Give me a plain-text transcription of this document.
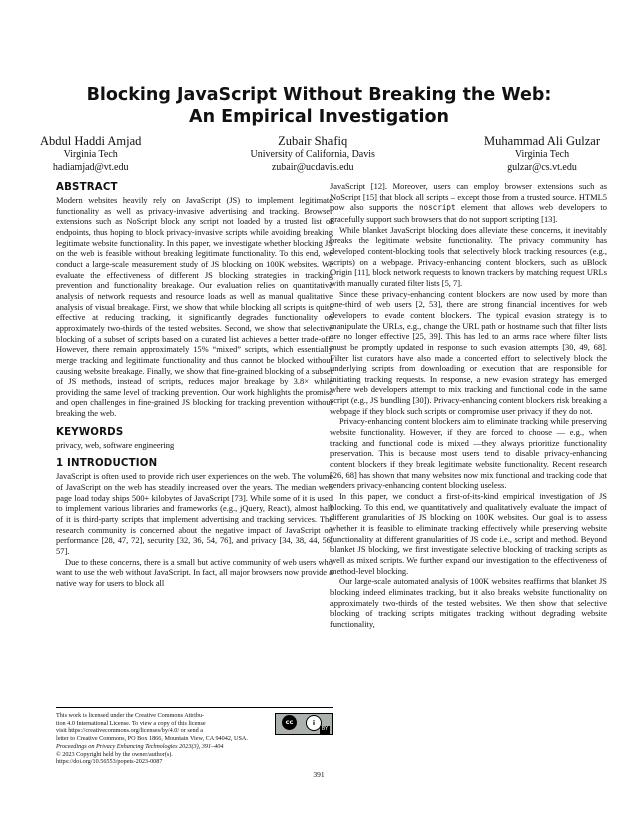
Blocking JavaScript Without Breaking the Web:
An Empirical Investigation
Abdul Haddi Amjad
Virginia Tech
hadiamjad@vt.edu
Zubair Shafiq
University of California, Davis
zubair@ucdavis.edu
Muhammad Ali Gulzar
Virginia Tech
gulzar@cs.vt.edu
ABSTRACT

Modern websites heavily rely on JavaScript (JS) to implement legitimate functionality as well as privacy-invasive advertising and tracking. Browser extensions such as NoScript block any script not loaded by a trusted list of endpoints, thus hoping to block privacy-invasive scripts while avoiding breaking legitimate website functionality. In this paper, we investigate whether blocking JS on the web is feasible without breaking legitimate functionality. To this end, we conduct a large-scale measurement study of JS blocking on 100K websites. We evaluate the effectiveness of different JS blocking strategies in tracking prevention and functionality breakage. Our evaluation relies on quantitative analysis of network requests and resource loads as well as manual qualitative analysis of visual breakage. First, we show that while blocking all scripts is quite effective at reducing tracking, it significantly degrades functionality on approximately two-thirds of the tested websites. Second, we show that selective blocking of a subset of scripts based on a curated list achieves a better trade-off. However, there remain approximately 15% “mixed” scripts, which essentially merge tracking and legitimate functionality and thus cannot be blocked without causing website breakage. Finally, we show that fine-grained blocking of a subset of JS methods, instead of scripts, reduces major breakage by 3.8× while providing the same level of tracking prevention. Our work highlights the promise and open challenges in fine-grained JS blocking for tracking prevention without breaking the web.

KEYWORDS

privacy, web, software engineering

1 INTRODUCTION

JavaScript is often used to provide rich user experiences on the web. The volume of JavaScript on the web has steadily increased over the years. The median web page load today ships 500+ kilobytes of JavaScript [73]. While some of it is used to implement various libraries and frameworks (e.g., jQuery, React), almost half of it is third-party scripts that implement advertising and tracking services. The research community is concerned about the negative impact of JavaScript on performance [28, 47, 72], security [32, 36, 54, 76], and privacy [34, 38, 44, 56, 57].

Due to these concerns, there is a small but active community of web users who want to use the web without JavaScript. In fact, all major browsers now provide a native way for users to block all

This work is licensed under the Creative Commons Attribu-
tion 4.0 International License. To view a copy of this license
visit https://creativecommons.org/licenses/by/4.0/ or send a
cc	i
BY
letter to Creative Commons, PO Box 1866, Mountain View, CA 94042, USA.
Proceedings on Privacy Enhancing Technologies 2023(3), 391–404
© 2023 Copyright held by the owner/author(s).
https://doi.org/10.56553/popets-2023-0087

JavaScript [12]. Moreover, users can employ browser extensions such as NoScript [15] that block all scripts – except those from a trusted source. HTML5 now also supports the noscript element that allows web developers to gracefully support such browsers that do not support scripting [13].

While blanket JavaScript blocking does alleviate these concerns, it inevitably breaks the legitimate website functionality. The privacy community has developed content-blocking tools that selectively block tracking resources (e.g., scripts) on a webpage. Privacy-enhancing content blockers, such as uBlock Origin [11], block network requests to known trackers by matching request URLs with manually curated filter lists [5, 7].

Since these privacy-enhancing content blockers are now used by more than one-third of web users [2, 53], there are strong financial incentives for web developers to evade content blockers. The typical evasion strategy is to manipulate the URLs, e.g., change the URL path or hostname such that filter lists are no longer effective [25, 39]. This has led to an arms race where filter lists must be promptly updated in response to such evasion attempts [30, 49, 68]. Filter list curators have also made a concerted effort to selectively block the underlying scripts from downloading or execution that are responsible for initiating tracking requests. In response, a new evasion strategy has emerged where web developers attempt to mix tracking and functional code in the same script (e.g., JS bundling [30]). Privacy-enhancing content blockers risk breaking a webpage if they block such scripts or compromise user privacy if they do not.

Privacy-enhancing content blockers aim to eliminate tracking while preserving website functionality. However, if they are forced to choose — e.g., when tracking and functional code is mixed —they always prioritize functionality preservation. This is because most users tend to disable privacy-enhancing content blockers if they break legitimate website functionality. Recent research [26, 68] has shown that many websites now mix functional and tracking code that renders privacy-enhancing content blocking useless.

In this paper, we conduct a first-of-its-kind empirical investigation of JS blocking. To this end, we quantitatively and qualitatively evaluate the impact of different granularities of JS blocking on 100K websites. Our goal is to assess whether it is feasible to eliminate tracking effectively while preserving website functionality at different granularities of JS code i.e., script and method. Beyond blanket JS blocking, we first investigate selective blocking of tracking scripts as well as mixed scripts. We further expand our investigation to the effectiveness of method-level blocking.

Our large-scale automated analysis of 100K websites reaffirms that blanket JS blocking indeed eliminates tracking, but it also breaks website functionality on approximately two-thirds of the tested websites. We then show that selective blocking of tracking scripts mitigates tracking without degrading website functionality,

391
